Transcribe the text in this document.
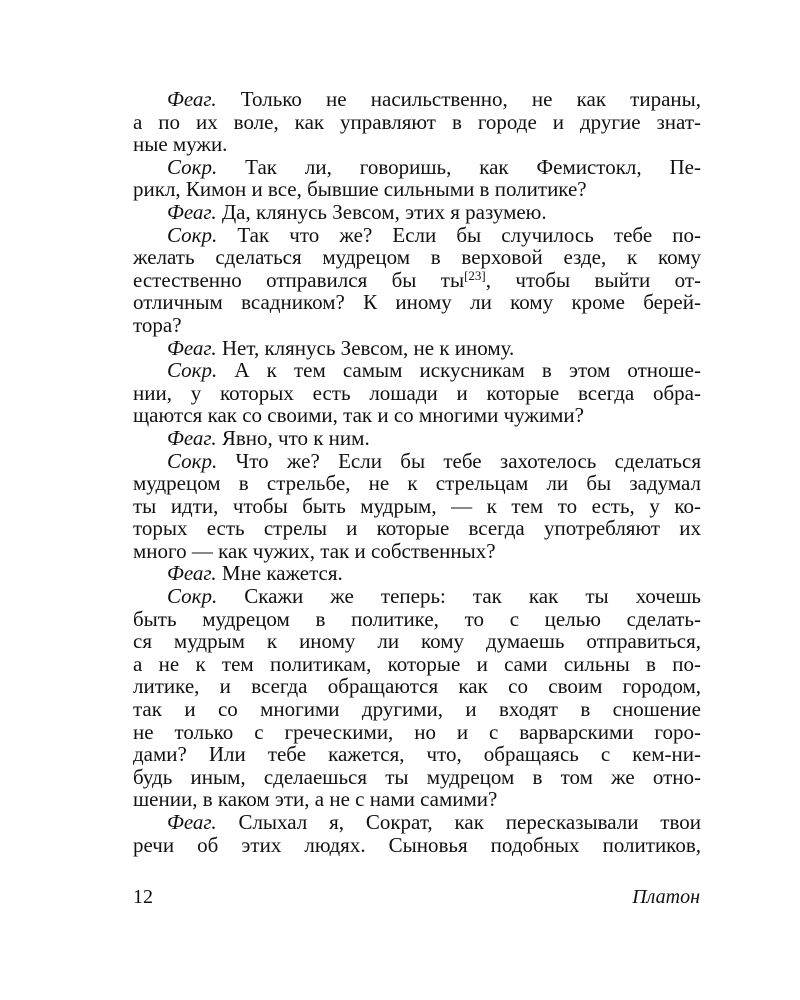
Феаг. Только не насильственно, не как тираны,
а по их воле, как управляют в городе и другие знат-
ные мужи.
Сокр. Так ли, говоришь, как Фемистокл, Пе-
рикл, Кимон и все, бывшие сильными в политике?
Феаг. Да, клянусь Зевсом, этих я разумею.
Сокр. Так что же? Если бы случилось тебе по-
желать сделаться мудрецом в верховой езде, к кому
естественно отправился бы ты[23], чтобы выйти от-
отличным всадником? К иному ли кому кроме берей-
тора?
Феаг. Нет, клянусь Зевсом, не к иному.
Сокр. А к тем самым искусникам в этом отноше-
нии, у которых есть лошади и которые всегда обра-
щаются как со своими, так и со многими чужими?
Феаг. Явно, что к ним.
Сокр. Что же? Если бы тебе захотелось сделаться
мудрецом в стрельбе, не к стрельцам ли бы задумал
ты идти, чтобы быть мудрым, — к тем то есть, у ко-
торых есть стрелы и которые всегда употребляют их
много — как чужих, так и собственных?
Феаг. Мне кажется.
Сокр. Скажи же теперь: так как ты хочешь
быть мудрецом в политике, то с целью сделать-
ся мудрым к иному ли кому думаешь отправиться,
а не к тем политикам, которые и сами сильны в по-
литике, и всегда обращаются как со своим городом,
так и со многими другими, и входят в сношение
не только с греческими, но и с варварскими горо-
дами? Или тебе кажется, что, обращаясь с кем-ни-
будь иным, сделаешься ты мудрецом в том же отно-
шении, в каком эти, а не с нами самими?
Феаг. Слыхал я, Сократ, как пересказывали твои
речи об этих людях. Сыновья подобных политиков,
12	Платон
